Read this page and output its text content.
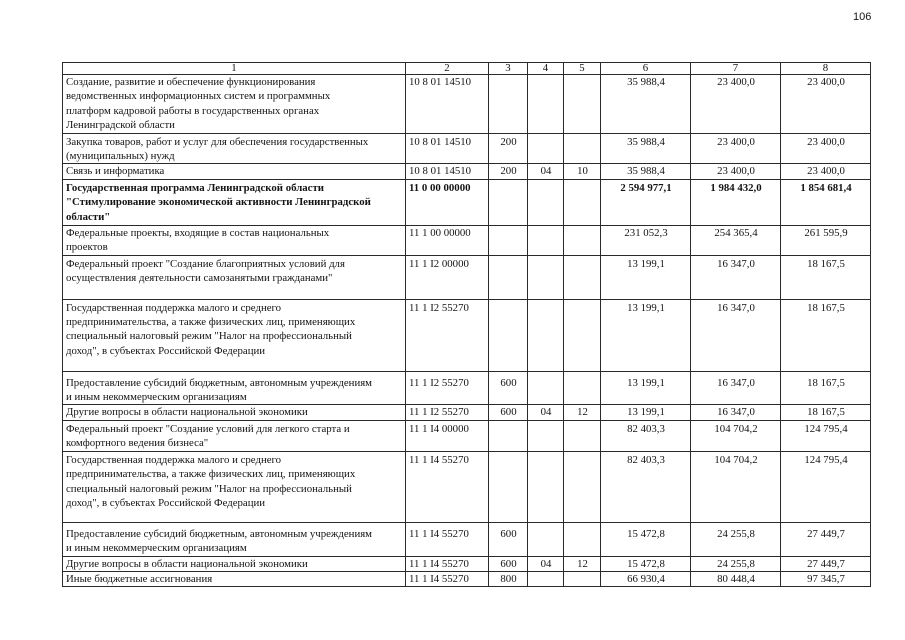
106
1	2	3	4	5	6	7	8
Создание, развитие и обеспечение функционирования
ведомственных информационных систем и программных
платформ кадровой работы в государственных органах
Ленинградской области	10 8 01 14510				35 988,4	23 400,0	23 400,0
Закупка товаров, работ и услуг для обеспечения государственных
(муниципальных) нужд	10 8 01 14510	200			35 988,4	23 400,0	23 400,0
Связь и информатика	10 8 01 14510	200	04	10	35 988,4	23 400,0	23 400,0
Государственная программа Ленинградской области
"Стимулирование экономической активности Ленинградской
области"	11 0 00 00000				2 594 977,1	1 984 432,0	1 854 681,4
Федеральные проекты, входящие в состав национальных
проектов	11 1 00 00000				231 052,3	254 365,4	261 595,9
Федеральный проект "Создание благоприятных условий для
осуществления деятельности самозанятыми гражданами"	11 1 I2 00000				13 199,1	16 347,0	18 167,5
Государственная поддержка малого и среднего
предпринимательства, а также физических лиц, применяющих
специальный налоговый режим "Налог на профессиональный
доход", в субъектах Российской Федерации	11 1 I2 55270				13 199,1	16 347,0	18 167,5
Предоставление субсидий бюджетным, автономным учреждениям
и иным некоммерческим организациям	11 1 I2 55270	600			13 199,1	16 347,0	18 167,5
Другие вопросы в области национальной экономики	11 1 I2 55270	600	04	12	13 199,1	16 347,0	18 167,5
Федеральный проект "Создание условий для легкого старта и
комфортного ведения бизнеса"	11 1 I4 00000				82 403,3	104 704,2	124 795,4
Государственная поддержка малого и среднего
предпринимательства, а также физических лиц, применяющих
специальный налоговый режим "Налог на профессиональный
доход", в субъектах Российской Федерации	11 1 I4 55270				82 403,3	104 704,2	124 795,4
Предоставление субсидий бюджетным, автономным учреждениям
и иным некоммерческим организациям	11 1 I4 55270	600			15 472,8	24 255,8	27 449,7
Другие вопросы в области национальной экономики	11 1 I4 55270	600	04	12	15 472,8	24 255,8	27 449,7
Иные бюджетные ассигнования	11 1 I4 55270	800			66 930,4	80 448,4	97 345,7
